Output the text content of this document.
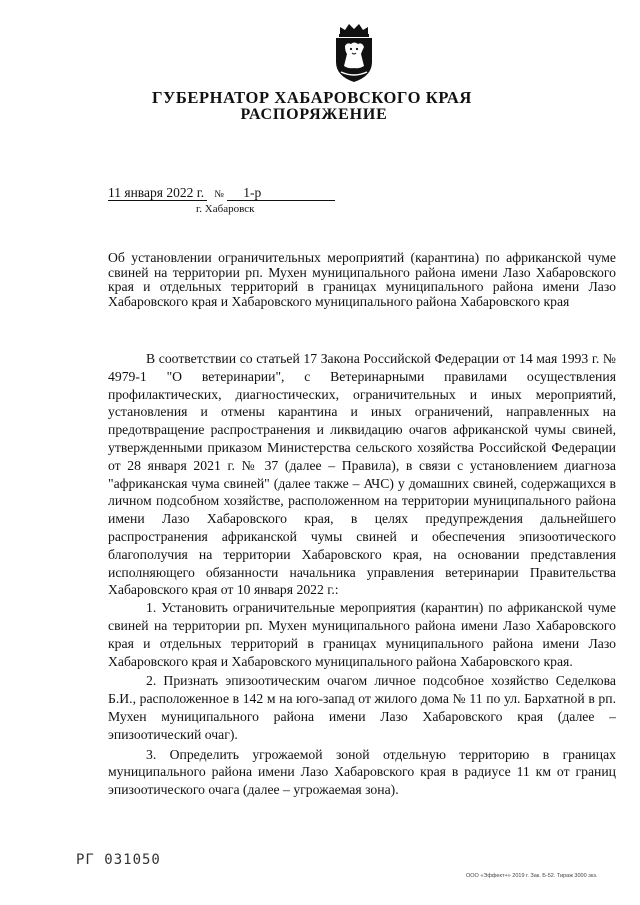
ГУБЕРНАТОР ХАБАРОВСКОГО КРАЯ
РАСПОРЯЖЕНИЕ
11 января 2022 г. № 1-р
г. Хабаровск
Об установлении ограничительных мероприятий (карантина) по африканской чуме свиней на территории рп. Мухен муниципального района имени Лазо Хабаровского края и отдельных территорий в границах муниципального района имени Лазо Хабаровского края и Хабаровского муниципального района Хабаровского края

В соответствии со статьей 17 Закона Российской Федерации от 14 мая 1993 г. № 4979-1 "О ветеринарии", с Ветеринарными правилами осуществления профилактических, диагностических, ограничительных и иных мероприятий, установления и отмены карантина и иных ограничений, направленных на предотвращение распространения и ликвидацию очагов африканской чумы свиней, утвержденными приказом Министерства сельского хозяйства Российской Федерации от 28 января 2021 г. № 37 (далее – Правила), в связи с установлением диагноза "африканская чума свиней" (далее также – АЧС) у домашних свиней, содержащихся в личном подсобном хозяйстве, расположенном на территории муниципального района имени Лазо Хабаровского края, в целях предупреждения дальнейшего распространения африканской чумы свиней и обеспечения эпизоотического благополучия на территории Хабаровского края, на основании представления исполняющего обязанности начальника управления ветеринарии Правительства Хабаровского края от 10 января 2022 г.:

1. Установить ограничительные мероприятия (карантин) по африканской чуме свиней на территории рп. Мухен муниципального района имени Лазо Хабаровского края и отдельных территорий в границах муниципального района имени Лазо Хабаровского края и Хабаровского муниципального района Хабаровского края.

2. Признать эпизоотическим очагом личное подсобное хозяйство Седелкова Б.И., расположенное в 142 м на юго-запад от жилого дома № 11 по ул. Бархатной в рп. Мухен муниципального района имени Лазо Хабаровского края (далее – эпизоотический очаг).

3. Определить угрожаемой зоной отдельную территорию в границах муниципального района имени Лазо Хабаровского края в радиусе 11 км от границ эпизоотического очага (далее – угрожаемая зона).

РГ 031050
ООО «Эффект+» 2019 г. Зак. Б-52. Тираж 3000 экз.
